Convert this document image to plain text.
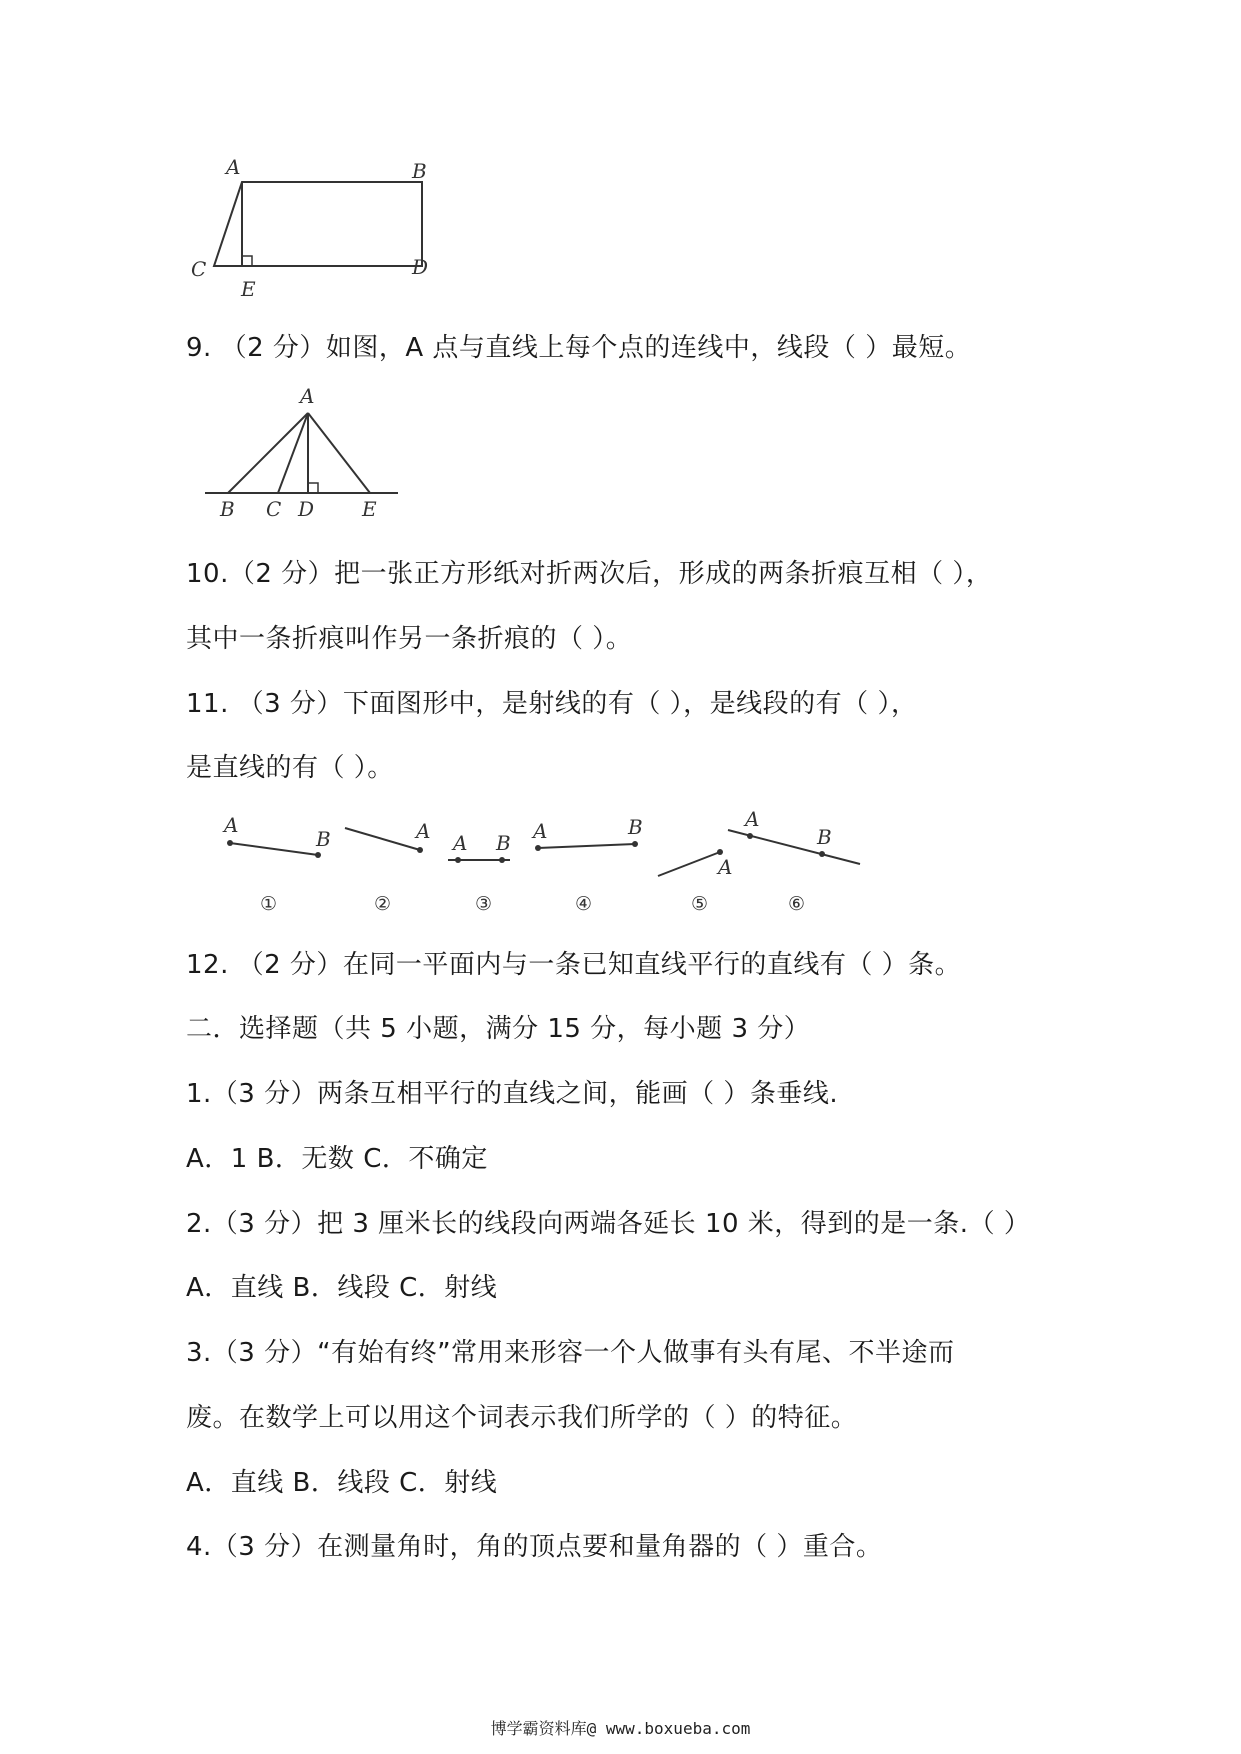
A	B
C	D
E
9. （2 分）如图，A 点与直线上每个点的连线中，线段（ ）最短。
A
B C D E
10.（2 分）把一张正方形纸对折两次后，形成的两条折痕互相（ ），
其中一条折痕叫作另一条折痕的（ ）。
11. （3 分）下面图形中，是射线的有（ ），是线段的有（ ），
是直线的有（ ）。
A
B	A A B A	B
A
A
B
①	②	③	④	⑤	⑥
12. （2 分）在同一平面内与一条已知直线平行的直线有（ ）条。
二．选择题（共 5 小题，满分 15 分，每小题 3 分）
1.（3 分）两条互相平行的直线之间，能画（ ）条垂线.
A．1 B．无数 C．不确定
2.（3 分）把 3 厘米长的线段向两端各延长 10 米，得到的是一条.（ ）
A．直线 B．线段 C．射线
3.（3 分）“有始有终”常用来形容一个人做事有头有尾、不半途而
废。在数学上可以用这个词表示我们所学的（ ）的特征。
A．直线 B．线段 C．射线
4.（3 分）在测量角时，角的顶点要和量角器的（ ）重合。
博学霸资料库@ www.boxueba.com
